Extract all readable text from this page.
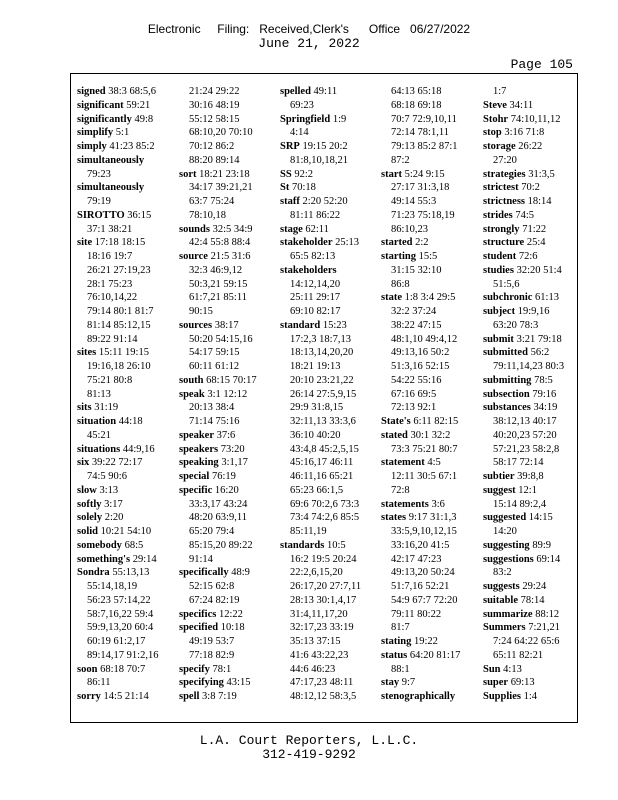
Electronic     Filing:   Received,Clerk's      Office   06/27/2022
June 21, 2022
Page 105
signed 38:3 68:5,6
significant 59:21
significantly 49:8
simplify 5:1
simply 41:23 85:2
simultaneously
79:23
simultaneously
79:19
SIROTTO 36:15
37:1 38:21
site 17:18 18:15
18:16 19:7
26:21 27:19,23
28:1 75:23
76:10,14,22
79:14 80:1 81:7
81:14 85:12,15
89:22 91:14
sites 15:11 19:15
19:16,18 26:10
75:21 80:8
81:13
sits 31:19
situation 44:18
45:21
situations 44:9,16
six 39:22 72:17
74:5 90:6
slow 3:13
softly 3:17
solely 2:20
solid 10:21 54:10
somebody 68:5
something's 29:14
Sondra 55:13,13
55:14,18,19
56:23 57:14,22
58:7,16,22 59:4
59:9,13,20 60:4
60:19 61:2,17
89:14,17 91:2,16
soon 68:18 70:7
86:11
sorry 14:5 21:14
21:24 29:22
30:16 48:19
55:12 58:15
68:10,20 70:10
70:12 86:2
88:20 89:14
sort 18:21 23:18
34:17 39:21,21
63:7 75:24
78:10,18
sounds 32:5 34:9
42:4 55:8 88:4
source 21:5 31:6
32:3 46:9,12
50:3,21 59:15
61:7,21 85:11
90:15
sources 38:17
50:20 54:15,16
54:17 59:15
60:11 61:12
south 68:15 70:17
speak 3:1 12:12
20:13 38:4
71:14 75:16
speaker 37:6
speakers 73:20
speaking 3:1,17
special 76:19
specific 16:20
33:3,17 43:24
48:20 63:9,11
65:20 79:4
85:15,20 89:22
91:14
specifically 48:9
52:15 62:8
67:24 82:19
specifics 12:22
specified 10:18
49:19 53:7
77:18 82:9
specify 78:1
specifying 43:15
spell 3:8 7:19
spelled 49:11
69:23
Springfield 1:9
4:14
SRP 19:15 20:2
81:8,10,18,21
SS 92:2
St 70:18
staff 2:20 52:20
81:11 86:22
stage 62:11
stakeholder 25:13
65:5 82:13
stakeholders
14:12,14,20
25:11 29:17
69:10 82:17
standard 15:23
17:2,3 18:7,13
18:13,14,20,20
18:21 19:13
20:10 23:21,22
26:14 27:5,9,15
29:9 31:8,15
32:11,13 33:3,6
36:10 40:20
43:4,8 45:2,5,15
45:16,17 46:11
46:11,16 65:21
65:23 66:1,5
69:6 70:2,6 73:3
73:4 74:2,6 85:5
85:11,19
standards 10:5
16:2 19:5 20:24
22:2,6,15,20
26:17,20 27:7,11
28:13 30:1,4,17
31:4,11,17,20
32:17,23 33:19
35:13 37:15
41:6 43:22,23
44:6 46:23
47:17,23 48:11
48:12,12 58:3,5
64:13 65:18
68:18 69:18
70:7 72:9,10,11
72:14 78:1,11
79:13 85:2 87:1
87:2
start 5:24 9:15
27:17 31:3,18
49:14 55:3
71:23 75:18,19
86:10,23
started 2:2
starting 15:5
31:15 32:10
86:8
state 1:8 3:4 29:5
32:2 37:24
38:22 47:15
48:1,10 49:4,12
49:13,16 50:2
51:3,16 52:15
54:22 55:16
67:16 69:5
72:13 92:1
State's 6:11 82:15
stated 30:1 32:2
73:3 75:21 80:7
statement 4:5
12:11 30:5 67:1
72:8
statements 3:6
states 9:17 31:1,3
33:5,9,10,12,15
33:16,20 41:5
42:17 47:23
49:13,20 50:24
51:7,16 52:21
54:9 67:7 72:20
79:11 80:22
81:7
stating 19:22
status 64:20 81:17
88:1
stay 9:7
stenographically
1:7
Steve 34:11
Stohr 74:10,11,12
stop 3:16 71:8
storage 26:22
27:20
strategies 31:3,5
strictest 70:2
strictness 18:14
strides 74:5
strongly 71:22
structure 25:4
student 72:6
studies 32:20 51:4
51:5,6
subchronic 61:13
subject 19:9,16
63:20 78:3
submit 3:21 79:18
submitted 56:2
79:11,14,23 80:3
submitting 78:5
subsection 79:16
substances 34:19
38:12,13 40:17
40:20,23 57:20
57:21,23 58:2,8
58:17 72:14
subtier 39:8,8
suggest 12:1
15:14 89:2,4
suggested 14:15
14:20
suggesting 89:9
suggestions 69:14
83:2
suggests 29:24
suitable 78:14
summarize 88:12
Summers 7:21,21
7:24 64:22 65:6
65:11 82:21
Sun 4:13
super 69:13
Supplies 1:4
L.A. Court Reporters, L.L.C.
312-419-9292
